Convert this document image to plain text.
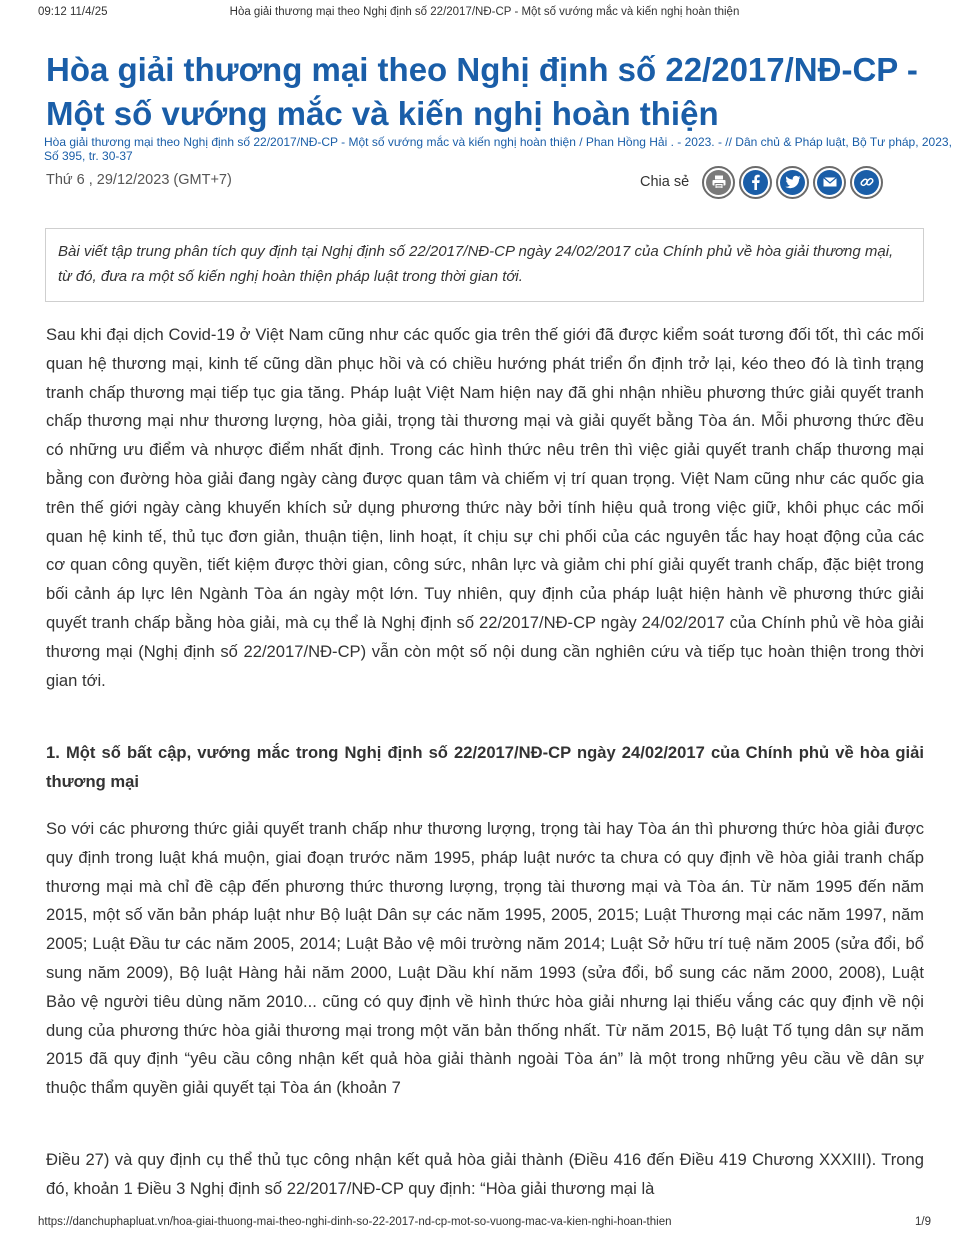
09:12 11/4/25	Hòa giải thương mại theo Nghị định số 22/2017/NĐ-CP - Một số vướng mắc và kiến nghị hoàn thiện
Hòa giải thương mại theo Nghị định số 22/2017/NĐ-CP - Một số vướng mắc và kiến nghị hoàn thiện
Hòa giải thương mại theo Nghị định số 22/2017/NĐ-CP - Một số vướng mắc và kiến nghị hoàn thiện / Phan Hồng Hải . - 2023. - // Dân chủ & Pháp luật, Bộ Tư pháp, 2023, Số 395, tr. 30-37
Thứ 6 , 29/12/2023 (GMT+7)	Chia sẻ
Bài viết tập trung phân tích quy định tại Nghị định số 22/2017/NĐ-CP ngày 24/02/2017 của Chính phủ về hòa giải thương mại, từ đó, đưa ra một số kiến nghị hoàn thiện pháp luật trong thời gian tới.

Sau khi đại dịch Covid-19 ở Việt Nam cũng như các quốc gia trên thế giới đã được kiểm soát tương đối tốt, thì các mối quan hệ thương mại, kinh tế cũng dần phục hồi và có chiều hướng phát triển ổn định trở lại, kéo theo đó là tình trạng tranh chấp thương mại tiếp tục gia tăng. Pháp luật Việt Nam hiện nay đã ghi nhận nhiều phương thức giải quyết tranh chấp thương mại như thương lượng, hòa giải, trọng tài thương mại và giải quyết bằng Tòa án. Mỗi phương thức đều có những ưu điểm và nhược điểm nhất định. Trong các hình thức nêu trên thì việc giải quyết tranh chấp thương mại bằng con đường hòa giải đang ngày càng được quan tâm và chiếm vị trí quan trọng. Việt Nam cũng như các quốc gia trên thế giới ngày càng khuyến khích sử dụng phương thức này bởi tính hiệu quả trong việc giữ, khôi phục các mối quan hệ kinh tế, thủ tục đơn giản, thuận tiện, linh hoạt, ít chịu sự chi phối của các nguyên tắc hay hoạt động của các cơ quan công quyền, tiết kiệm được thời gian, công sức, nhân lực và giảm chi phí giải quyết tranh chấp, đặc biệt trong bối cảnh áp lực lên Ngành Tòa án ngày một lớn. Tuy nhiên, quy định của pháp luật hiện hành về phương thức giải quyết tranh chấp bằng hòa giải, mà cụ thể là Nghị định số 22/2017/NĐ-CP ngày 24/02/2017 của Chính phủ về hòa giải thương mại (Nghị định số 22/2017/NĐ-CP) vẫn còn một số nội dung cần nghiên cứu và tiếp tục hoàn thiện trong thời gian tới.

1. Một số bất cập, vướng mắc trong Nghị định số 22/2017/NĐ-CP ngày 24/02/2017 của Chính phủ về hòa giải thương mại

So với các phương thức giải quyết tranh chấp như thương lượng, trọng tài hay Tòa án thì phương thức hòa giải được quy định trong luật khá muộn, giai đoạn trước năm 1995, pháp luật nước ta chưa có quy định về hòa giải tranh chấp thương mại mà chỉ đề cập đến phương thức thương lượng, trọng tài thương mại và Tòa án. Từ năm 1995 đến năm 2015, một số văn bản pháp luật như Bộ luật Dân sự các năm 1995, 2005, 2015; Luật Thương mại các năm 1997, năm 2005; Luật Đầu tư các năm 2005, 2014; Luật Bảo vệ môi trường năm 2014; Luật Sở hữu trí tuệ năm 2005 (sửa đổi, bổ sung năm 2009), Bộ luật Hàng hải năm 2000, Luật Dầu khí năm 1993 (sửa đổi, bổ sung các năm 2000, 2008), Luật Bảo vệ người tiêu dùng năm 2010... cũng có quy định về hình thức hòa giải nhưng lại thiếu vắng các quy định về nội dung của phương thức hòa giải thương mại trong một văn bản thống nhất. Từ năm 2015, Bộ luật Tố tụng dân sự năm 2015 đã quy định “yêu cầu công nhận kết quả hòa giải thành ngoài Tòa án” là một trong những yêu cầu về dân sự thuộc thẩm quyền giải quyết tại Tòa án (khoản 7

Điều 27) và quy định cụ thể thủ tục công nhận kết quả hòa giải thành (Điều 416 đến Điều 419 Chương XXXIII). Trong đó, khoản 1 Điều 3 Nghị định số 22/2017/NĐ-CP quy định: “Hòa giải thương mại là

https://danchuphapluat.vn/hoa-giai-thuong-mai-theo-nghi-dinh-so-22-2017-nd-cp-mot-so-vuong-mac-va-kien-nghi-hoan-thien	1/9
